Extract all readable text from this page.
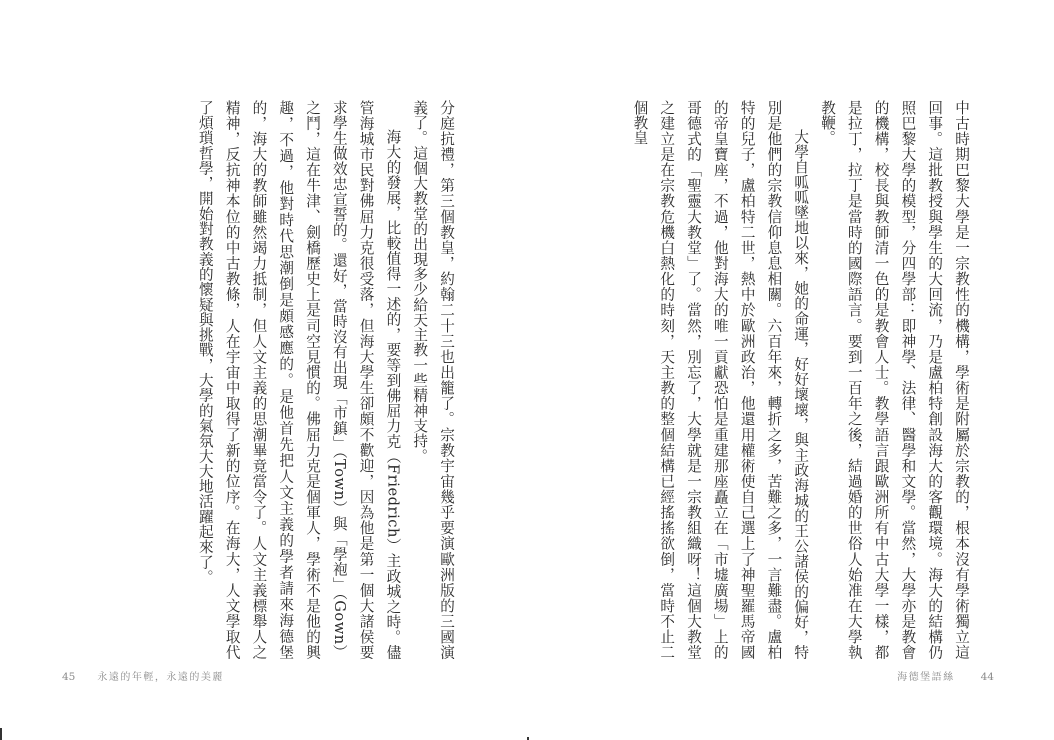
中古時期巴黎大學是一宗教性的機構，學術是附屬於宗教的，根本沒有學術獨立這回事。這批教授與學生的大回流，乃是盧柏特創設海大的客觀環境。海大的結構仍照巴黎大學的模型，分四學部：即神學、法律、醫學和文學。當然，大學亦是教會的機構，校長與教師清一色的是教會人士。教學語言跟歐洲所有中古大學一樣，都是拉丁，拉丁是當時的國際語言。要到一百年之後，結過婚的世俗人始准在大學執教鞭。

大學自呱呱墜地以來，她的命運，好好壞壞，與主政海城的王公諸侯的偏好，特別是他們的宗教信仰息息相關。六百年來，轉折之多，苦難之多，一言難盡。盧柏特的兒子，盧柏特二世，熱中於歐洲政治，他還用權術使自己選上了神聖羅馬帝國的帝皇寶座，不過，他對海大的唯一貢獻恐怕是重建那座矗立在「市墟廣場」上的哥德式的「聖靈大教堂」了。當然，別忘了，大學就是一宗教組織呀！這個大教堂之建立是在宗教危機白熱化的時刻，天主教的整個結構已經搖搖欲倒，當時不止二個教皇

海德堡語絲 44

分庭抗禮，第三個教皇，約翰二十三也出籠了。宗教宇宙幾乎要演歐洲版的三國演義了。這個大教堂的出現多少給天主教一些精神支持。

海大的發展，比較值得一述的，要等到佛屈力克（Friedrich）主政城之時。儘管海城市民對佛屈力克很受落，但海大學生卻頗不歡迎，因為他是第一個大諸侯要求學生做效忠宣誓的。還好，當時沒有出現「市鎮」（Town）與「學袍」（Gown）之鬥，這在牛津、劍橋歷史上是司空見慣的。佛屈力克是個軍人，學術不是他的興趣，不過，他對時代思潮倒是頗感應的。是他首先把人文主義的學者請來海德堡的，海大的教師雖然竭力抵制，但人文主義的思潮畢竟當令了。人文主義標舉人之精神，反抗神本位的中古教條，人在宇宙中取得了新的位序。在海大，人文學取代了煩瑣哲學，開始對教義的懷疑與挑戰，大學的氣氛大大地活躍起來了。

45 永遠的年輕，永遠的美麗
